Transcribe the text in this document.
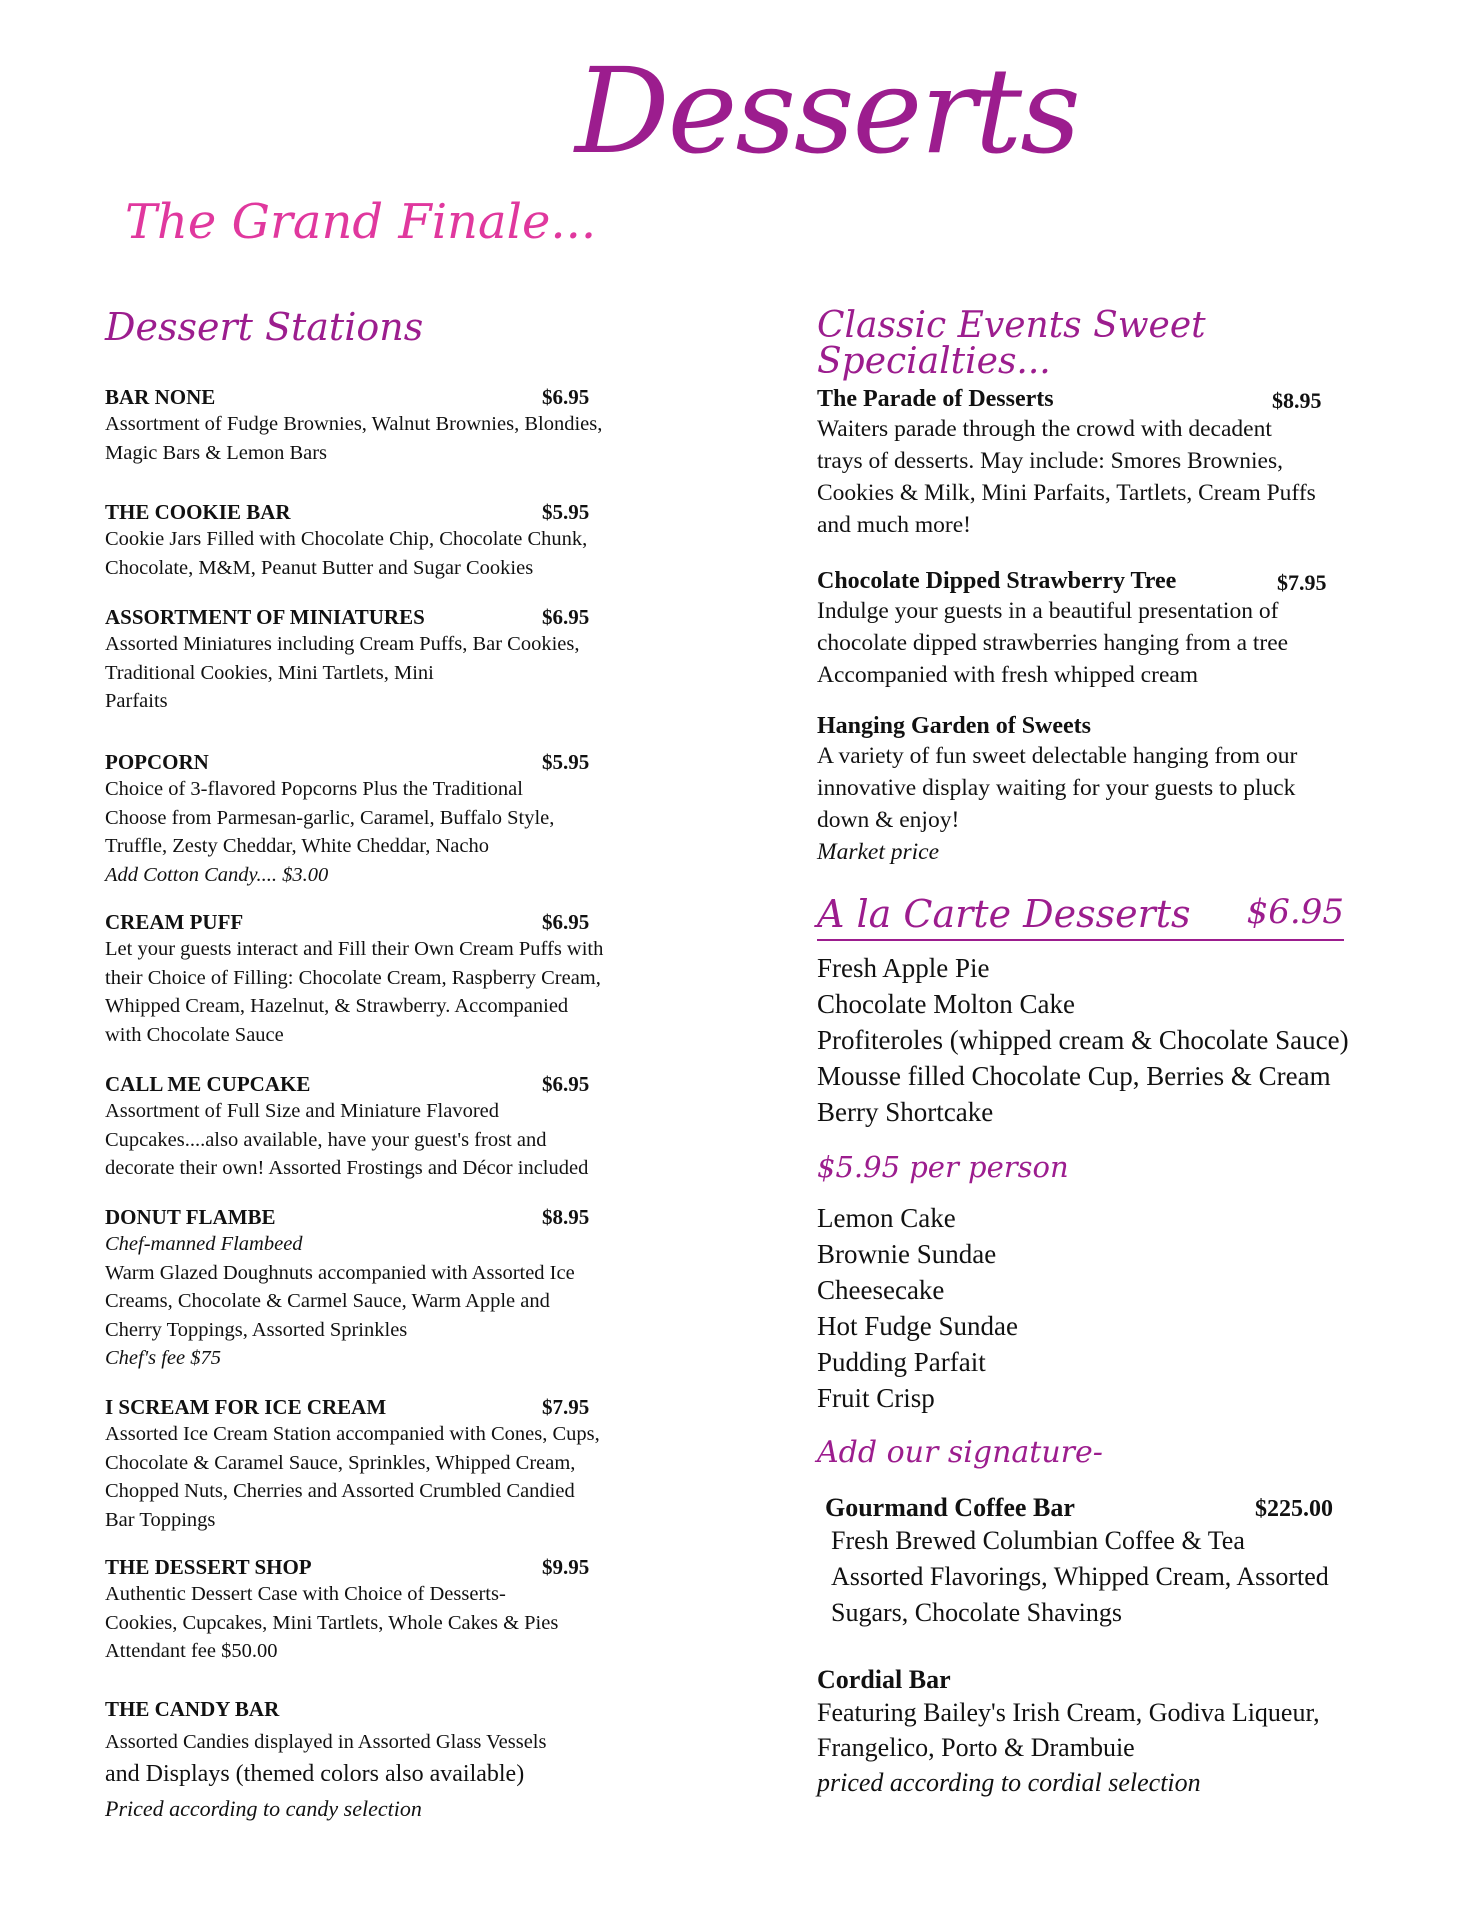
Desserts
The Grand Finale...
Dessert Stations
BAR NONE	$6.95
Assortment of Fudge Brownies, Walnut Brownies, Blondies,
Magic Bars & Lemon Bars
THE COOKIE BAR	$5.95
Cookie Jars Filled with Chocolate Chip, Chocolate Chunk,
Chocolate, M&M, Peanut Butter and Sugar Cookies
ASSORTMENT OF MINIATURES	$6.95
Assorted Miniatures including Cream Puffs, Bar Cookies,
Traditional Cookies, Mini Tartlets, Mini
Parfaits
POPCORN	$5.95
Choice of 3-flavored Popcorns Plus the Traditional
Choose from Parmesan-garlic, Caramel, Buffalo Style,
Truffle, Zesty Cheddar, White Cheddar, Nacho
Add Cotton Candy.... $3.00
CREAM PUFF	$6.95
Let your guests interact and Fill their Own Cream Puffs with
their Choice of Filling: Chocolate Cream, Raspberry Cream,
Whipped Cream, Hazelnut, & Strawberry. Accompanied
with Chocolate Sauce
CALL ME CUPCAKE	$6.95
Assortment of Full Size and Miniature Flavored
Cupcakes....also available, have your guest's frost and
decorate their own! Assorted Frostings and Décor included
DONUT FLAMBE	$8.95
Chef-manned Flambeed
Warm Glazed Doughnuts accompanied with Assorted Ice
Creams, Chocolate & Carmel Sauce, Warm Apple and
Cherry Toppings, Assorted Sprinkles
Chef's fee $75
I SCREAM FOR ICE CREAM	$7.95
Assorted Ice Cream Station accompanied with Cones, Cups,
Chocolate & Caramel Sauce, Sprinkles, Whipped Cream,
Chopped Nuts, Cherries and Assorted Crumbled Candied
Bar Toppings
THE DESSERT SHOP	$9.95
Authentic Dessert Case with Choice of Desserts-
Cookies, Cupcakes, Mini Tartlets, Whole Cakes & Pies
Attendant fee $50.00
THE CANDY BAR
Assorted Candies displayed in Assorted Glass Vessels
and Displays (themed colors also available)
Priced according to candy selection
Classic Events Sweet Specialties...
The Parade of Desserts	$8.95
Waiters parade through the crowd with decadent
trays of desserts. May include: Smores Brownies,
Cookies & Milk, Mini Parfaits, Tartlets, Cream Puffs
and much more!
Chocolate Dipped Strawberry Tree	$7.95
Indulge your guests in a beautiful presentation of
chocolate dipped strawberries hanging from a tree
Accompanied with fresh whipped cream
Hanging Garden of Sweets
A variety of fun sweet delectable hanging from our
innovative display waiting for your guests to pluck
down & enjoy!
Market price
A la Carte Desserts $6.95
Fresh Apple Pie
Chocolate Molton Cake
Profiteroles (whipped cream & Chocolate Sauce)
Mousse filled Chocolate Cup, Berries & Cream
Berry Shortcake
$5.95 per person
Lemon Cake
Brownie Sundae
Cheesecake
Hot Fudge Sundae
Pudding Parfait
Fruit Crisp
Add our signature-
Gourmand Coffee Bar	$225.00
Fresh Brewed Columbian Coffee & Tea
Assorted Flavorings, Whipped Cream, Assorted
Sugars, Chocolate Shavings
Cordial Bar
Featuring Bailey's Irish Cream, Godiva Liqueur,
Frangelico, Porto & Drambuie
priced according to cordial selection
